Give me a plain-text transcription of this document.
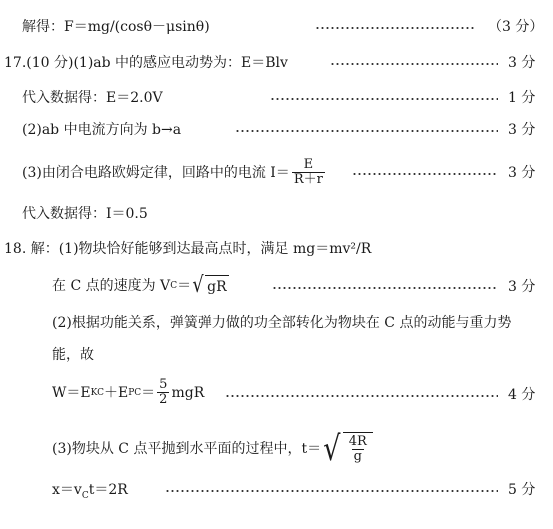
解得：F＝mg/(cosθ－μsinθ)	（3 分）
17.(10 分)(1)ab 中的感应电动势为：E＝Blv	3 分
代入数据得：E＝2.0V	1 分
(2)ab 中电流方向为 b→a	3 分
(3)由闭合电路欧姆定律，回路中的电流 $I= \frac{E}{R+r}$	3 分
代入数据得：I＝0.5
18. 解：(1)物块恰好能够到达最高点时，满足 mg＝mv²/R
在 C 点的速度为 V C ＝ √ gR	3 分
(2)根据功能关系，弹簧弹力做的功全部转化为物块在 C 点的动能与重力势
能，故
W＝E KC ＋E PC ＝ $\frac{5}{2}$ mgR	4 分
(3)物块从 C 点平抛到水平面的过程中，t＝ √ $\frac{4R}{g}$
$x=v_Ct=2R$	5 分
